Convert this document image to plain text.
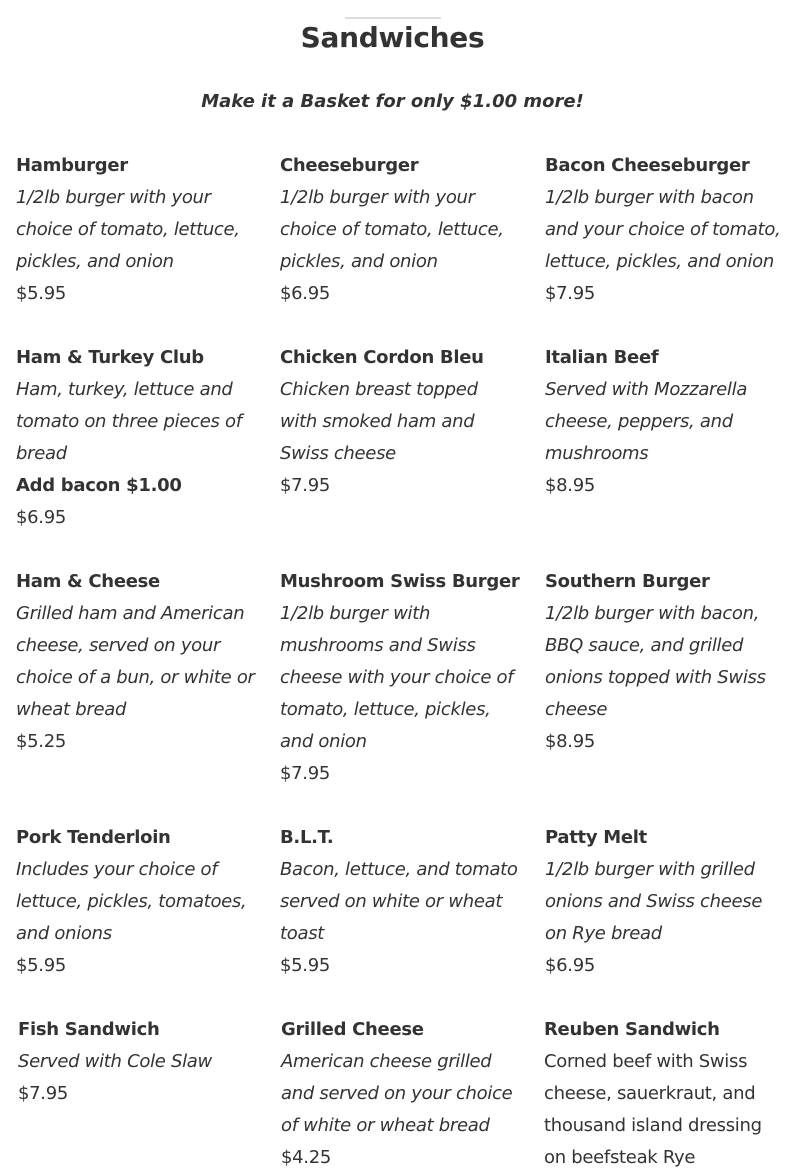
Sandwiches
Make it a Basket for only $1.00 more!
Hamburger
1/2lb burger with your choice of tomato, lettuce, pickles, and onion
$5.95
Cheeseburger
1/2lb burger with your choice of tomato, lettuce, pickles, and onion
$6.95
Bacon Cheeseburger
1/2lb burger with bacon and your choice of tomato, lettuce, pickles, and onion
$7.95
Ham & Turkey Club
Ham, turkey, lettuce and tomato on three pieces of bread
Add bacon $1.00
$6.95
Chicken Cordon Bleu
Chicken breast topped with smoked ham and Swiss cheese
$7.95
Italian Beef
Served with Mozzarella cheese, peppers, and mushrooms
$8.95
Ham & Cheese
Grilled ham and American cheese, served on your choice of a bun, or white or wheat bread
$5.25
Mushroom Swiss Burger
1/2lb burger with mushrooms and Swiss cheese with your choice of tomato, lettuce, pickles, and onion
$7.95
Southern Burger
1/2lb burger with bacon, BBQ sauce, and grilled onions topped with Swiss cheese
$8.95
Pork Tenderloin
Includes your choice of lettuce, pickles, tomatoes, and onions
$5.95
B.L.T.
Bacon, lettuce, and tomato served on white or wheat toast
$5.95
Patty Melt
1/2lb burger with grilled onions and Swiss cheese on Rye bread
$6.95
Fish Sandwich
Served with Cole Slaw
$7.95
Grilled Cheese
American cheese grilled and served on your choice of white or wheat bread
$4.25
Reuben Sandwich
Corned beef with Swiss cheese, sauerkraut, and thousand island dressing on beefsteak Rye
